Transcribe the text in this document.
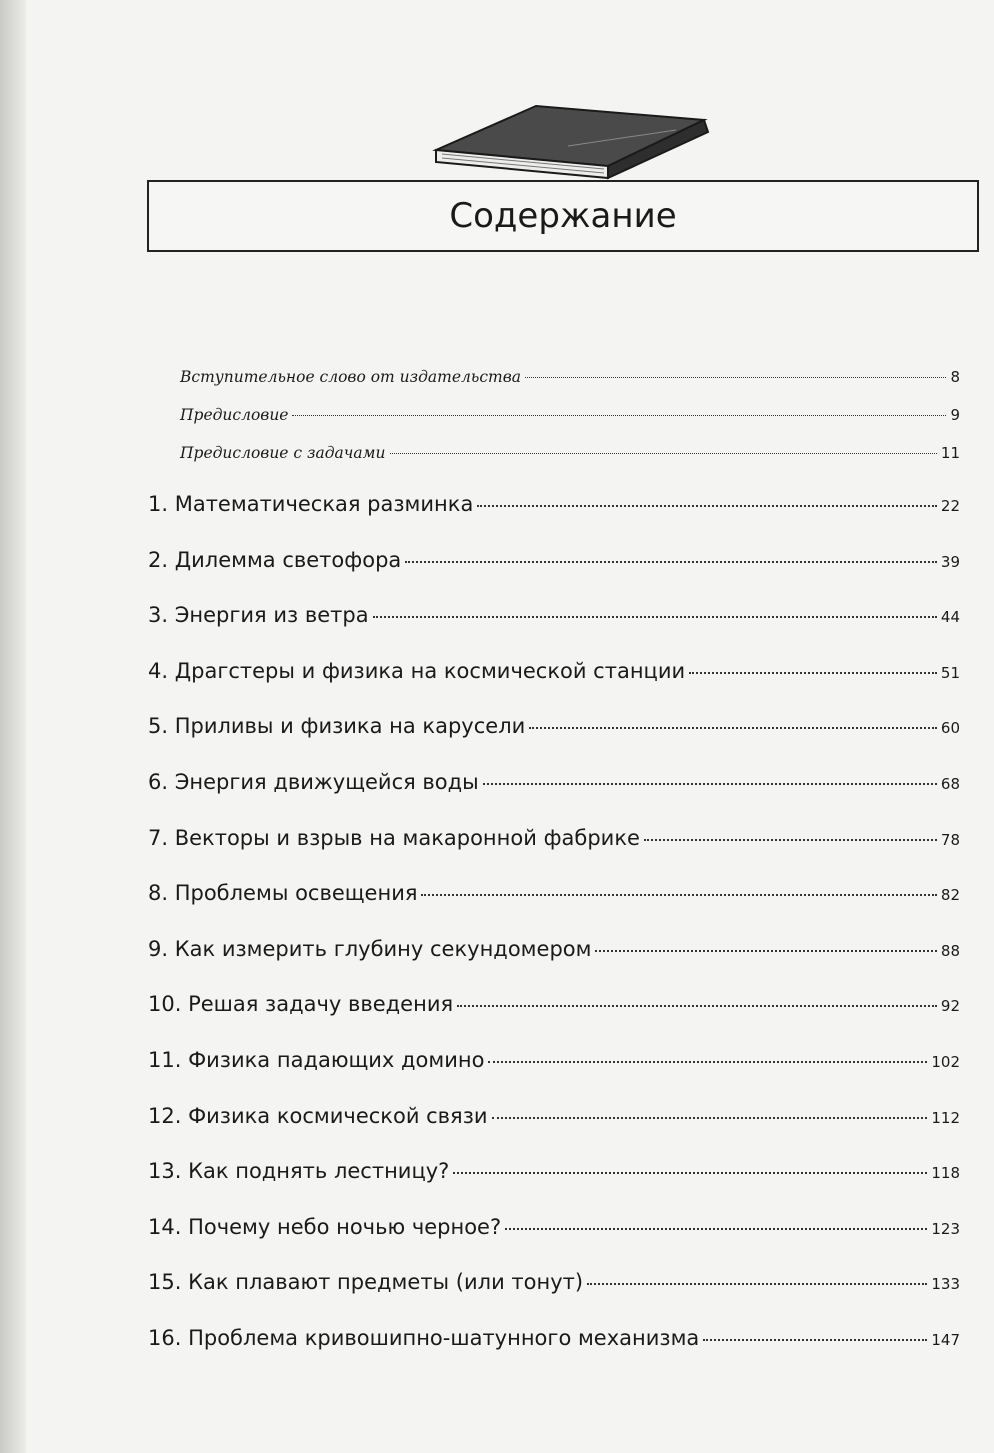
Содержание
Вступительное слово от издательства	8
Предисловие	9
Предисловие с задачами	11
1. Математическая разминка	22
2. Дилемма светофора	39
3. Энергия из ветра	44
4. Драгстеры и физика на космической станции	51
5. Приливы и физика на карусели	60
6. Энергия движущейся воды	68
7. Векторы и взрыв на макаронной фабрике	78
8. Проблемы освещения	82
9. Как измерить глубину секундомером	88
10. Решая задачу введения	92
11. Физика падающих домино	102
12. Физика космической связи	112
13. Как поднять лестницу?	118
14. Почему небо ночью черное?	123
15. Как плавают предметы (или тонут)	133
16. Проблема кривошипно-шатунного механизма	147
